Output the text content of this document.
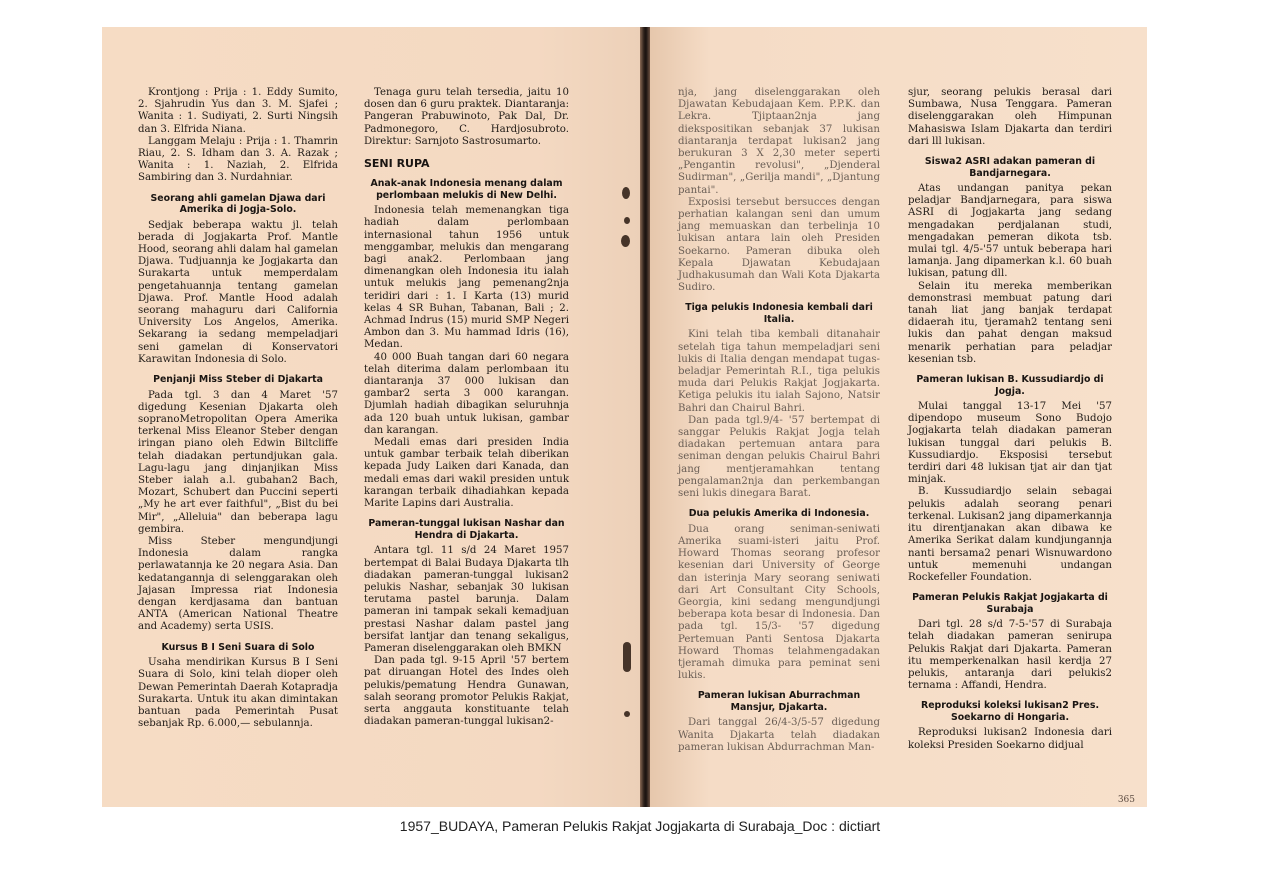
Krontjong : Prija : 1. Eddy Sumito, 2. Sjahrudin Yus dan 3. M. Sjafei ; Wanita : 1. Sudiyati, 2. Surti Ningsih dan 3. Elfrida Niana.

Langgam Melaju : Prija : 1. Thamrin Riau, 2. S. Idham dan 3. A. Razak ; Wanita : 1. Naziah, 2. Elfrida Sambiring dan 3. Nurdahniar.

Seorang ahli gamelan Djawa dari Amerika di Jogja-Solo.

Sedjak beberapa waktu jl. telah berada di Jogjakarta Prof. Mantle Hood, seorang ahli dalam hal gamelan Djawa. Tudjuannja ke Jogjakarta dan Surakarta untuk memperdalam pengetahuannja tentang gamelan Djawa. Prof. Mantle Hood adalah seorang mahaguru dari California University Los Angelos, Amerika. Sekarang ia sedang mempeladjari seni gamelan di Konservatori Karawitan Indonesia di Solo.

Penjanji Miss Steber di Djakarta

Pada tgl. 3 dan 4 Maret '57 digedung Kesenian Djakarta oleh sopranoMetropolitan Opera Amerika terkenal Miss Eleanor Steber dengan iringan piano oleh Edwin Biltcliffe telah diadakan pertundjukan gala. Lagu-lagu jang dinjanjikan Miss Steber ialah a.l. gubahan2 Bach, Mozart, Schubert dan Puccini seperti „My he art ever faithful", „Bist du bei Mir", „Alleluia" dan beberapa lagu gembira.

Miss Steber mengundjungi Indonesia dalam rangka perlawatannja ke 20 negara Asia. Dan kedatangannja di selenggarakan oleh Jajasan Impressa riat Indonesia dengan kerdjasama dan bantuan ANTA (American National Theatre and Academy) serta USIS.

Kursus B I Seni Suara di Solo

Usaha mendirikan Kursus B I Seni Suara di Solo, kini telah dioper oleh Dewan Pemerintah Daerah Kotapradja Surakarta. Untuk itu akan dimintakan bantuan pada Pemerintah Pusat sebanjak Rp. 6.000,— sebulannja.

Tenaga guru telah tersedia, jaitu 10 dosen dan 6 guru praktek. Diantaranja: Pangeran Prabuwinoto, Pak Dal, Dr. Padmonegoro, C. Hardjosubroto. Direktur: Sarnjoto Sastrosumarto.

SENI RUPA
Anak-anak Indonesia menang dalam perlombaan melukis di New Delhi.

Indonesia telah memenangkan tiga hadiah dalam perlombaan internasional tahun 1956 untuk menggambar, melukis dan mengarang bagi anak2. Perlombaan jang dimenangkan oleh Indonesia itu ialah untuk melukis jang pemenang2nja teridiri dari : 1. I Karta (13) murid kelas 4 SR Buhan, Tabanan, Bali ; 2. Achmad Indrus (15) murid SMP Negeri Ambon dan 3. Mu hammad Idris (16), Medan.

40 000 Buah tangan dari 60 negara telah diterima dalam perlombaan itu diantaranja 37 000 lukisan dan gambar2 serta 3 000 karangan. Djumlah hadiah dibagikan seluruhnja ada 120 buah untuk lukisan, gambar dan karangan.

Medali emas dari presiden India untuk gambar terbaik telah diberikan kepada Judy Laiken dari Kanada, dan medali emas dari wakil presiden untuk karangan terbaik dihadiahkan kepada Marite Lapins dari Australia.

Pameran-tunggal lukisan Nashar dan Hendra di Djakarta.

Antara tgl. 11 s/d 24 Maret 1957 bertempat di Balai Budaya Djakarta tlh diadakan pameran-tunggal lukisan2 pelukis Nashar, sebanjak 30 lukisan terutama pastel barunja. Dalam pameran ini tampak sekali kemadjuan prestasi Nashar dalam pastel jang bersifat lantjar dan tenang sekaligus, Pameran diselenggarakan oleh BMKN

Dan pada tgl. 9-15 April '57 bertem pat diruangan Hotel des Indes oleh pelukis/pematung Hendra Gunawan, salah seorang promotor Pelukis Rakjat, serta anggauta konstituante telah diadakan pameran-tunggal lukisan2-

nja, jang diselenggarakan oleh Djawatan Kebudajaan Kem. P.P.K. dan Lekra. Tjiptaan2nja jang diekspositikan sebanjak 37 lukisan diantaranja terdapat lukisan2 jang berukuran 3 X 2,30 meter seperti „Pengantin revolusi", „Djenderal Sudirman", „Gerilja mandi", „Djantung pantai".

Exposisi tersebut bersucces dengan perhatian kalangan seni dan umum jang memuaskan dan terbelinja 10 lukisan antara lain oleh Presiden Soekarno. Pameran dibuka oleh Kepala Djawatan Kebudajaan Judhakusumah dan Wali Kota Djakarta Sudiro.

Tiga pelukis Indonesia kembali dari Italia.

Kini telah tiba kembali ditanahair setelah tiga tahun mempeladjari seni lukis di Italia dengan mendapat tugas-beladjar Pemerintah R.I., tiga pelukis muda dari Pelukis Rakjat Jogjakarta. Ketiga pelukis itu ialah Sajono, Natsir Bahri dan Chairul Bahri.

Dan pada tgl.9/4- '57 bertempat di sanggar Pelukis Rakjat Jogja telah diadakan pertemuan antara para seniman dengan pelukis Chairul Bahri jang mentjeramahkan tentang pengalaman2nja dan perkembangan seni lukis dinegara Barat.

Dua pelukis Amerika di Indonesia.

Dua orang seniman-seniwati Amerika suami-isteri jaitu Prof. Howard Thomas seorang profesor kesenian dari University of George dan isterinja Mary seorang seniwati dari Art Consultant City Schools, Georgia, kini sedang mengundjungi beberapa kota besar di Indonesia. Dan pada tgl. 15/3- '57 digedung Pertemuan Panti Sentosa Djakarta Howard Thomas telahmengadakan tjeramah dimuka para peminat seni lukis.

Pameran lukisan Aburrachman Mansjur, Djakarta.

Dari tanggal 26/4-3/5-57 digedung Wanita Djakarta telah diadakan pameran lukisan Abdurrachman Man-

sjur, seorang pelukis berasal dari Sumbawa, Nusa Tenggara. Pameran diselenggarakan oleh Himpunan Mahasiswa Islam Djakarta dan terdiri dari lll lukisan.

Siswa2 ASRI adakan pameran di Bandjarnegara.

Atas undangan panitya pekan peladjar Bandjarnegara, para siswa ASRI di Jogjakarta jang sedang mengadakan perdjalanan studi, mengadakan pemeran dikota tsb. mulai tgl. 4/5-'57 untuk beberapa hari lamanja. Jang dipamerkan k.l. 60 buah lukisan, patung dll.

Selain itu mereka memberikan demonstrasi membuat patung dari tanah liat jang banjak terdapat didaerah itu, tjeramah2 tentang seni lukis dan pahat dengan maksud menarik perhatian para peladjar kesenian tsb.

Pameran lukisan B. Kussudiardjo di Jogja.

Mulai tanggal 13-17 Mei '57 dipendopo museum Sono Budojo Jogjakarta telah diadakan pameran lukisan tunggal dari pelukis B. Kussudiardjo. Eksposisi tersebut terdiri dari 48 lukisan tjat air dan tjat minjak.

B. Kussudiardjo selain sebagai pelukis adalah seorang penari terkenal. Lukisan2 jang dipamerkannja itu direntjanakan akan dibawa ke Amerika Serikat dalam kundjungannja nanti bersama2 penari Wisnuwardono untuk memenuhi undangan Rockefeller Foundation.

Pameran Pelukis Rakjat Jogjakarta di Surabaja

Dari tgl. 28 s/d 7-5-'57 di Surabaja telah diadakan pameran senirupa Pelukis Rakjat dari Djakarta. Pameran itu memperkenalkan hasil kerdja 27 pelukis, antaranja dari pelukis2 ternama : Affandi, Hendra.

Reproduksi koleksi lukisan2 Pres. Soekarno di Hongaria.

Reproduksi lukisan2 Indonesia dari koleksi Presiden Soekarno didjual

365
1957_BUDAYA, Pameran Pelukis Rakjat Jogjakarta di Surabaja_Doc : dictiart
